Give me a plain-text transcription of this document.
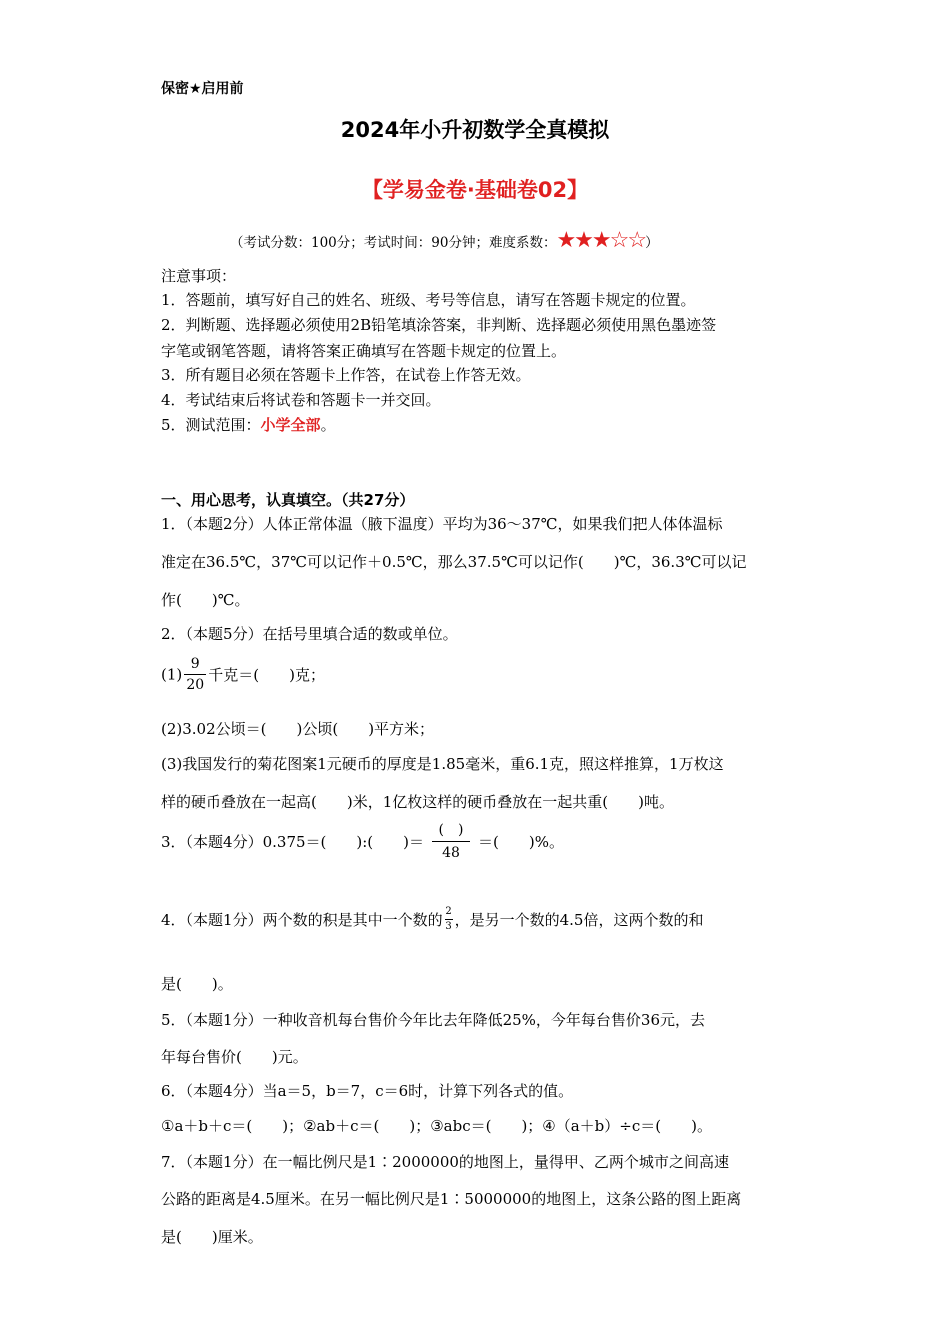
保密★启用前
2024年小升初数学全真模拟
【学易金卷·基础卷02】
（考试分数：100分；考试时间：90分钟；难度系数：★★★☆☆）
注意事项：
1．答题前，填写好自己的姓名、班级、考号等信息，请写在答题卡规定的位置。
2．判断题、选择题必须使用2B铅笔填涂答案，非判断、选择题必须使用黑色墨迹签
字笔或钢笔答题，请将答案正确填写在答题卡规定的位置上。
3．所有题目必须在答题卡上作答，在试卷上作答无效。
4．考试结束后将试卷和答题卡一并交回。
5．测试范围：小学全部。
一、用心思考，认真填空。（共27分）
1．（本题2分）人体正常体温（腋下温度）平均为36～37℃，如果我们把人体体温标
准定在36.5℃，37℃可以记作＋0.5℃，那么37.5℃可以记作(　　)℃，36.3℃可以记
作(　　)℃。
2．（本题5分）在括号里填合适的数或单位。
$(1) \frac{9}{20}$ 千克＝(　　)克；
(2)3.02公顷＝(　　)公顷(　　)平方米；
(3)我国发行的菊花图案1元硬币的厚度是1.85毫米，重6.1克，照这样推算，1万枚这
样的硬币叠放在一起高(　　)米，1亿枚这样的硬币叠放在一起共重(　　)吨。
3．（本题4分）0.375＝(　　):(　　)＝ $\frac{( )}{48}$ ＝(　　)%。
4．（本题1分）两个数的积是其中一个数的 $\frac{2}{3}$ ，是另一个数的4.5倍，这两个数的和
是(　　)。
5．（本题1分）一种收音机每台售价今年比去年降低25%，今年每台售价36元，去
年每台售价(　　)元。
6．（本题4分）当a＝5，b＝7，c＝6时，计算下列各式的值。
①a＋b＋c＝(　　)；②ab＋c＝(　　)；③abc＝(　　)；④（a＋b）÷c＝(　　)。
7．（本题1分）在一幅比例尺是1∶2000000的地图上，量得甲、乙两个城市之间高速
公路的距离是4.5厘米。在另一幅比例尺是1∶5000000的地图上，这条公路的图上距离
是(　　)厘米。
